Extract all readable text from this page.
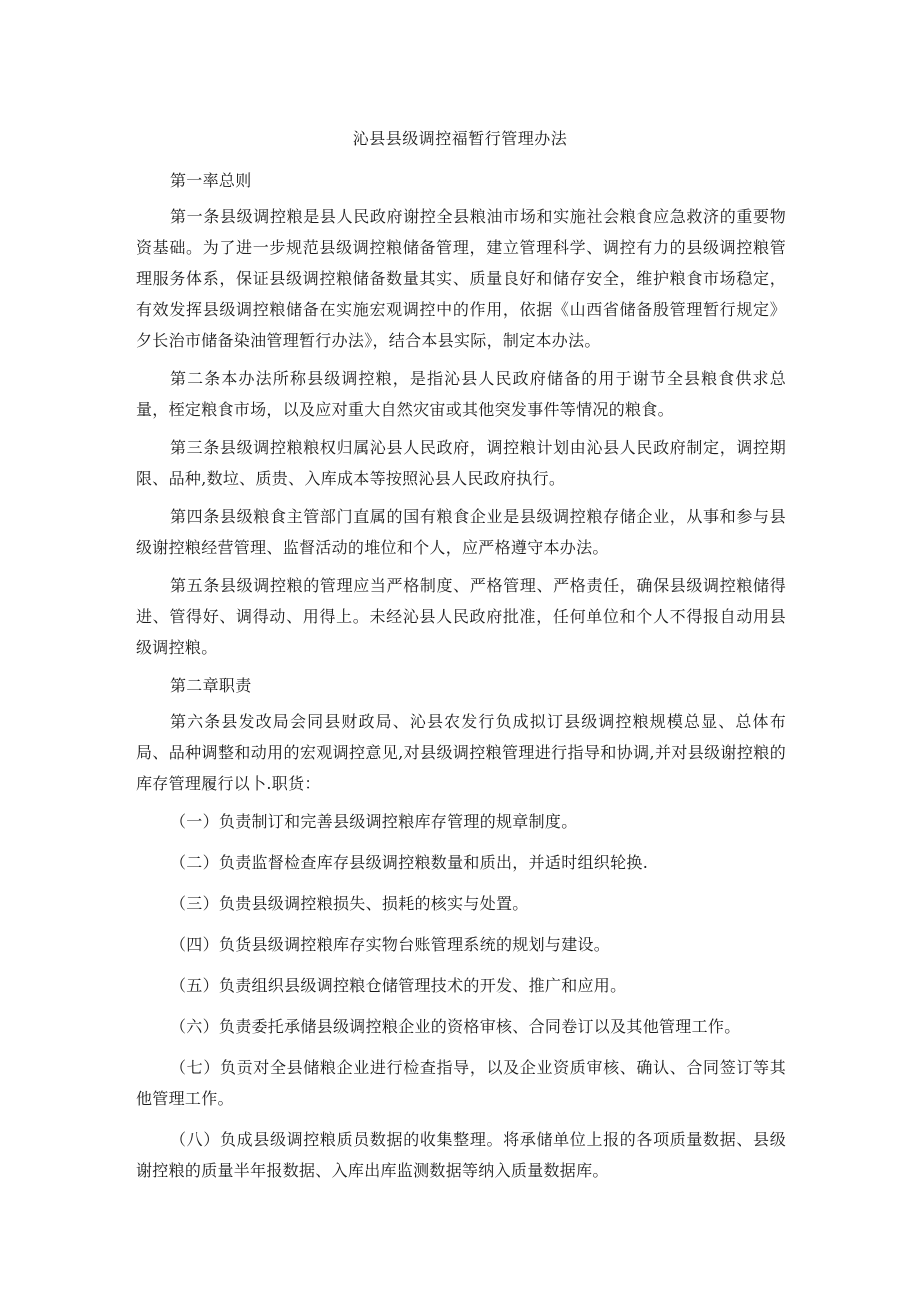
沁县县级调控福暂行管理办法

第一率总则

第一条县级调控粮是县人民政府谢控全县粮油市场和实施社会粮食应急救济的重要物资基础。为了进一步规范县级调控粮储备管理，建立管理科学、调控有力的县级调控粮管理服务体系，保证县级调控粮储备数量其实、质量良好和储存安全，维护粮食市场稳定，有效发挥县级调控粮储备在实施宏观调控中的作用，依据《山西省储备殷管理暂行规定》夕长治市储备染油管理暂行办法》，结合本县实际，制定本办法。

第二条本办法所称县级调控粮，是指沁县人民政府储备的用于谢节全县粮食供求总量，桎定粮食市场，以及应对重大自然灾宙或其他突发事件等情况的粮食。

第三条县级调控粮粮权归属沁县人民政府，调控粮计划由沁县人民政府制定，调控期限、品种,数垃、质贵、入库成本等按照沁县人民政府执行。

第四条县级粮食主管部门直属的国有粮食企业是县级调控粮存储企业，从事和参与县级谢控粮经营管理、监督活动的堆位和个人，应严格遵守本办法。

第五条县级调控粮的管理应当严格制度、严格管理、严格责任，确保县级调控粮储得进、管得好、调得动、用得上。未经沁县人民政府批准，任何单位和个人不得报自动用县级调控粮。

第二章职责

第六条县发改局会同县财政局、沁县农发行负成拟订县级调控粮规模总显、总体布局、品种调整和动用的宏观调控意见,对县级调控粮管理进行指导和协调,并对县级谢控粮的库存管理履行以卜.职货：

（一）负责制订和完善县级调控粮库存管理的规章制度。

（二）负责监督检查库存县级调控粮数量和质出，并适时组织轮换.

（三）负贵县级调控粮损失、损耗的核实与处置。

（四）负货县级调控粮库存实物台账管理系统的规划与建设。

（五）负责组织县级调控粮仓储管理技术的开发、推广和应用。

（六）负责委托承储县级调控粮企业的资格审核、合同卷订以及其他管理工作。

（七）负贡对全县储粮企业进行检查指导，以及企业资质审核、确认、合同签订等其他管理工作。

（八）负成县级调控粮质员数据的收集整理。将承储单位上报的各项质量数据、县级谢控粮的质量半年报数据、入库出库监测数据等纳入质量数据库。
